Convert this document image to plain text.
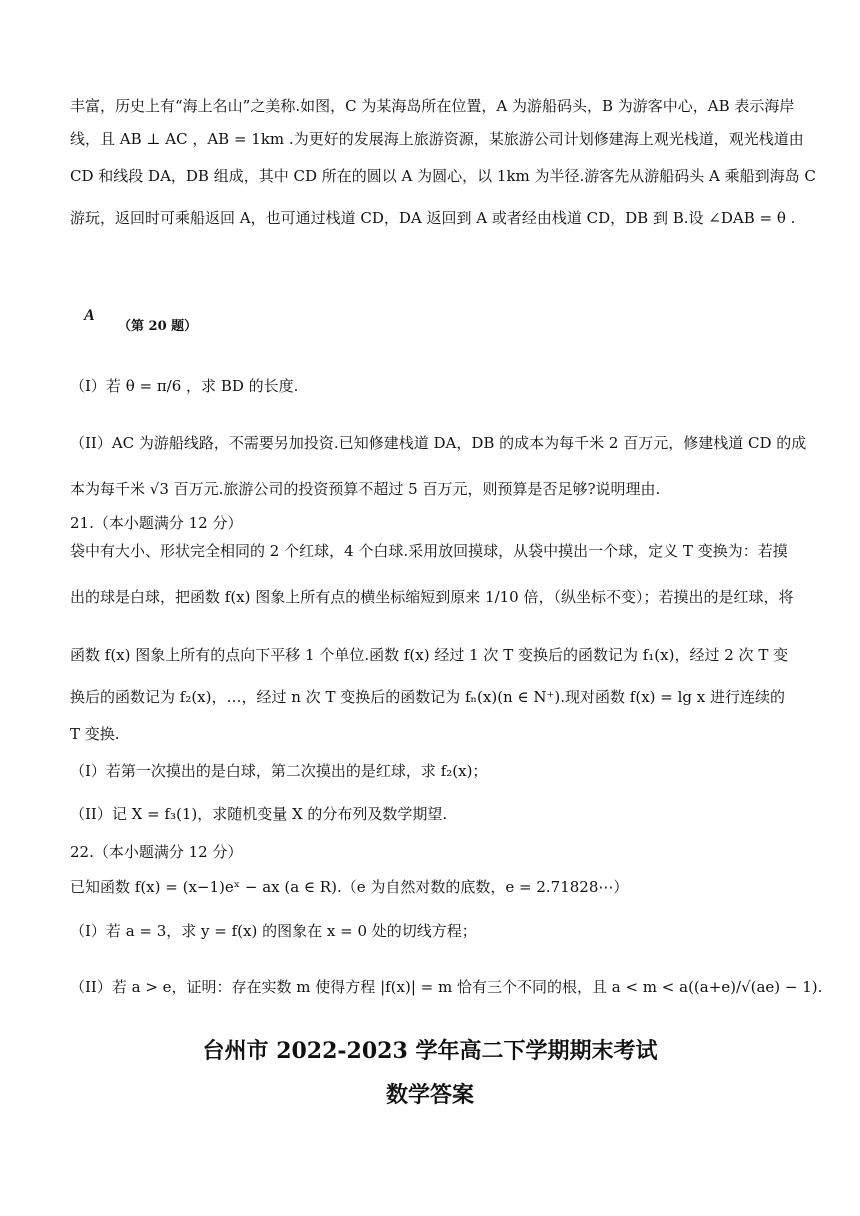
丰富，历史上有“海上名山”之美称.如图，C 为某海岛所在位置，A 为游船码头，B 为游客中心，AB 表示海岸
线，且 AB ⊥ AC ，AB = 1km .为更好的发展海上旅游资源，某旅游公司计划修建海上观光栈道，观光栈道由
CD 和线段 DA，DB 组成，其中 CD 所在的圆以 A 为圆心，以 1km 为半径.游客先从游船码头 A 乘船到海岛 C
游玩，返回时可乘船返回 A，也可通过栈道 CD，DA 返回到 A 或者经由栈道 CD，DB 到 B.设 ∠DAB = θ .
A
（第 20 题）
（I）若 θ = π/6 ，求 BD 的长度.
（II）AC 为游船线路，不需要另加投资.已知修建栈道 DA，DB 的成本为每千米 2 百万元，修建栈道 CD 的成
本为每千米 √3 百万元.旅游公司的投资预算不超过 5 百万元，则预算是否足够?说明理由.
21.（本小题满分 12 分）
袋中有大小、形状完全相同的 2 个红球，4 个白球.采用放回摸球，从袋中摸出一个球，定义 T 变换为：若摸
出的球是白球，把函数 f(x) 图象上所有点的横坐标缩短到原来 1/10 倍，（纵坐标不变）；若摸出的是红球，将
函数 f(x) 图象上所有的点向下平移 1 个单位.函数 f(x) 经过 1 次 T 变换后的函数记为 f₁(x)，经过 2 次 T 变
换后的函数记为 f₂(x)，…，经过 n 次 T 变换后的函数记为 fₙ(x)(n ∈ N⁺).现对函数 f(x) = lg x 进行连续的
T 变换.
（I）若第一次摸出的是白球，第二次摸出的是红球，求 f₂(x)；
（II）记 X = f₃(1)，求随机变量 X 的分布列及数学期望.
22.（本小题满分 12 分）
已知函数 f(x) = (x−1)eˣ − ax (a ∈ R).（e 为自然对数的底数，e = 2.71828⋯）
（I）若 a = 3，求 y = f(x) 的图象在 x = 0 处的切线方程；
（II）若 a > e，证明：存在实数 m 使得方程 |f(x)| = m 恰有三个不同的根，且 a < m < a((a+e)/√(ae) − 1).
台州市 2022-2023 学年高二下学期期末考试
数学答案
